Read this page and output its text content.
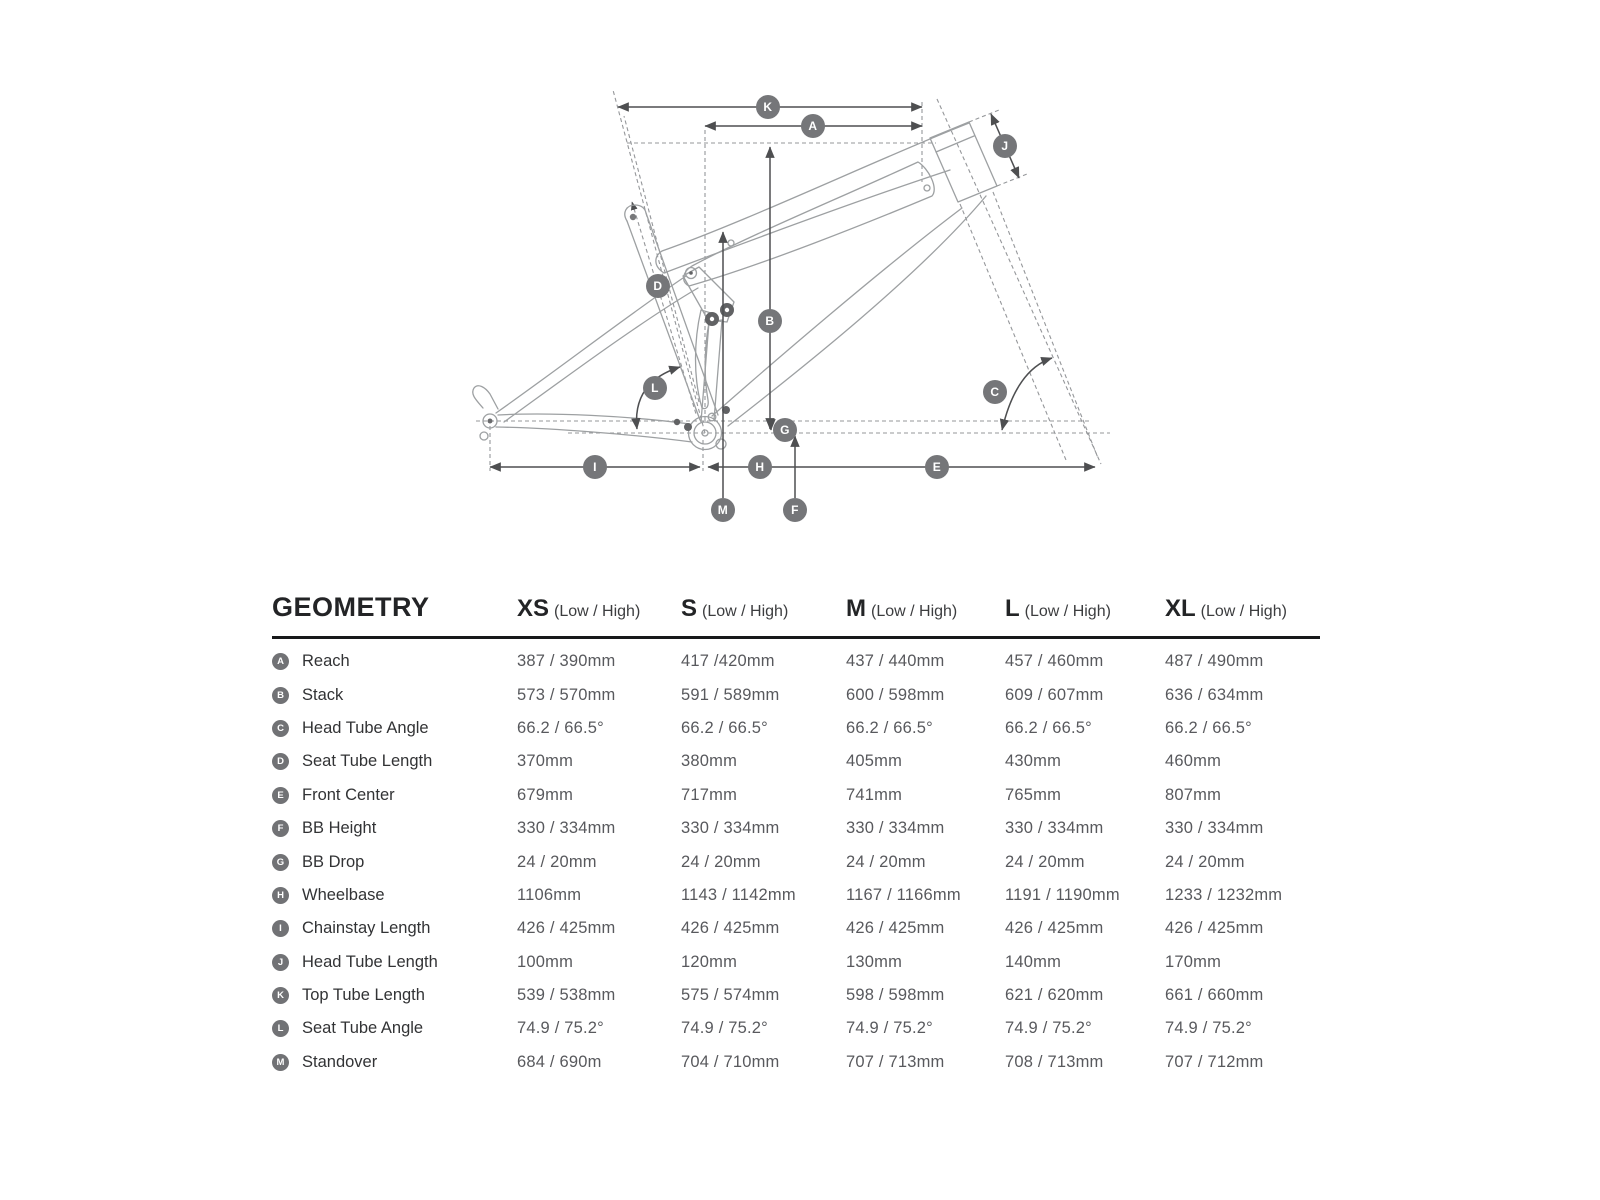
K
A
J
D
B
L	C
G
I	H	E
M	F
GEOMETRY	XS (Low / High)	S (Low / High)	M (Low / High)	L (Low / High)	XL (Low / High)
A	Reach	387 / 390mm	417 /420mm	437 / 440mm	457 / 460mm	487 / 490mm
B	Stack	573 / 570mm	591 / 589mm	600 / 598mm	609 / 607mm	636 / 634mm
C	Head Tube Angle	66.2 / 66.5°	66.2 / 66.5°	66.2 / 66.5°	66.2 / 66.5°	66.2 / 66.5°
D	Seat Tube Length	370mm	380mm	405mm	430mm	460mm
E	Front Center	679mm	717mm	741mm	765mm	807mm
F	BB Height	330 / 334mm	330 / 334mm	330 / 334mm	330 / 334mm	330 / 334mm
G BB Drop	24 / 20mm	24 / 20mm	24 / 20mm	24 / 20mm	24 / 20mm
H	Wheelbase	1106mm	1143 / 1142mm	1167 / 1166mm	1191 / 1190mm	1233 / 1232mm
I	Chainstay Length	426 / 425mm	426 / 425mm	426 / 425mm	426 / 425mm	426 / 425mm
J	Head Tube Length	100mm	120mm	130mm	140mm	170mm
K	Top Tube Length	539 / 538mm	575 / 574mm	598 / 598mm	621 / 620mm	661 / 660mm
L	Seat Tube Angle	74.9 / 75.2°	74.9 / 75.2°	74.9 / 75.2°	74.9 / 75.2°	74.9 / 75.2°
M Standover	684 / 690m	704 / 710mm	707 / 713mm	708 / 713mm	707 / 712mm
